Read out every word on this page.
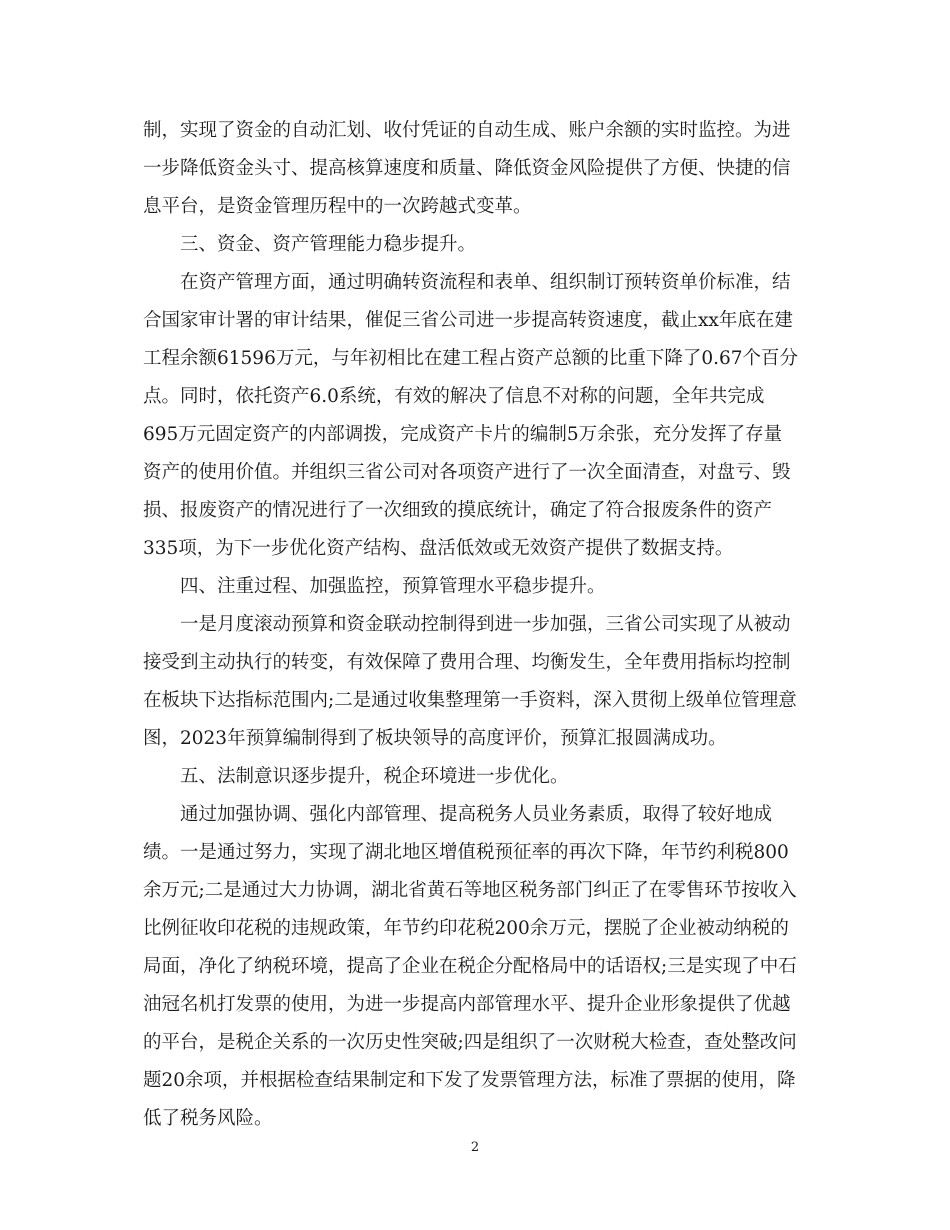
制，实现了资金的自动汇划、收付凭证的自动生成、账户余额的实时监控。为进
一步降低资金头寸、提高核算速度和质量、降低资金风险提供了方便、快捷的信
息平台，是资金管理历程中的一次跨越式变革。
三、资金、资产管理能力稳步提升。
在资产管理方面，通过明确转资流程和表单、组织制订预转资单价标准，结
合国家审计署的审计结果，催促三省公司进一步提高转资速度，截止xx年底在建
工程余额61596万元，与年初相比在建工程占资产总额的比重下降了0.67个百分
点。同时，依托资产6.0系统，有效的解决了信息不对称的问题，全年共完成
695万元固定资产的内部调拨，完成资产卡片的编制5万余张，充分发挥了存量
资产的使用价值。并组织三省公司对各项资产进行了一次全面清查，对盘亏、毁
损、报废资产的情况进行了一次细致的摸底统计，确定了符合报废条件的资产
335项，为下一步优化资产结构、盘活低效或无效资产提供了数据支持。
四、注重过程、加强监控，预算管理水平稳步提升。
一是月度滚动预算和资金联动控制得到进一步加强，三省公司实现了从被动
接受到主动执行的转变，有效保障了费用合理、均衡发生，全年费用指标均控制
在板块下达指标范围内;二是通过收集整理第一手资料，深入贯彻上级单位管理意
图，2023年预算编制得到了板块领导的高度评价，预算汇报圆满成功。
五、法制意识逐步提升，税企环境进一步优化。
通过加强协调、强化内部管理、提高税务人员业务素质，取得了较好地成
绩。一是通过努力，实现了湖北地区增值税预征率的再次下降，年节约利税800
余万元;二是通过大力协调，湖北省黄石等地区税务部门纠正了在零售环节按收入
比例征收印花税的违规政策，年节约印花税200余万元，摆脱了企业被动纳税的
局面，净化了纳税环境，提高了企业在税企分配格局中的话语权;三是实现了中石
油冠名机打发票的使用，为进一步提高内部管理水平、提升企业形象提供了优越
的平台，是税企关系的一次历史性突破;四是组织了一次财税大检查，查处整改问
题20余项，并根据检查结果制定和下发了发票管理方法，标准了票据的使用，降
低了税务风险。
2
